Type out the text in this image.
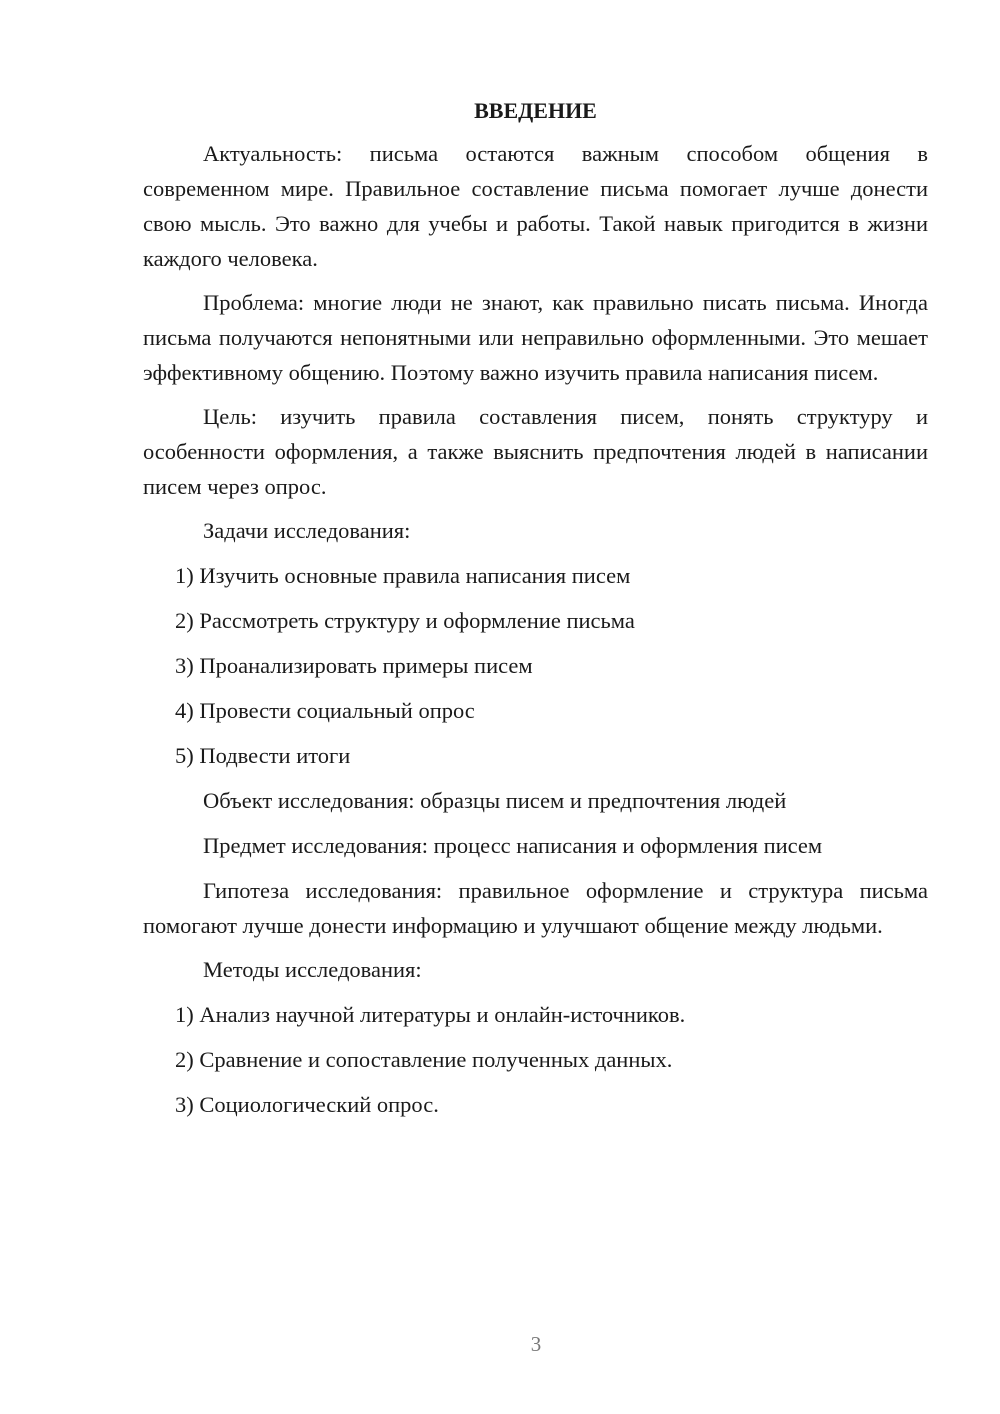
ВВЕДЕНИЕ

Актуальность: письма остаются важным способом общения в современном мире. Правильное составление письма помогает лучше донести свою мысль. Это важно для учебы и работы. Такой навык пригодится в жизни каждого человека.

Проблема: многие люди не знают, как правильно писать письма. Иногда письма получаются непонятными или неправильно оформленными. Это мешает эффективному общению. Поэтому важно изучить правила написания писем.

Цель: изучить правила составления писем, понять структуру и особенности оформления, а также выяснить предпочтения людей в написании писем через опрос.

Задачи исследования:
1) Изучить основные правила написания писем
2) Рассмотреть структуру и оформление письма
3) Проанализировать примеры писем
4) Провести социальный опрос
5) Подвести итоги
Объект исследования: образцы писем и предпочтения людей
Предмет исследования: процесс написания и оформления писем

Гипотеза исследования: правильное оформление и структура письма помогают лучше донести информацию и улучшают общение между людьми.

Методы исследования:
1) Анализ научной литературы и онлайн-источников.
2) Сравнение и сопоставление полученных данных.
3) Социологический опрос.
3
